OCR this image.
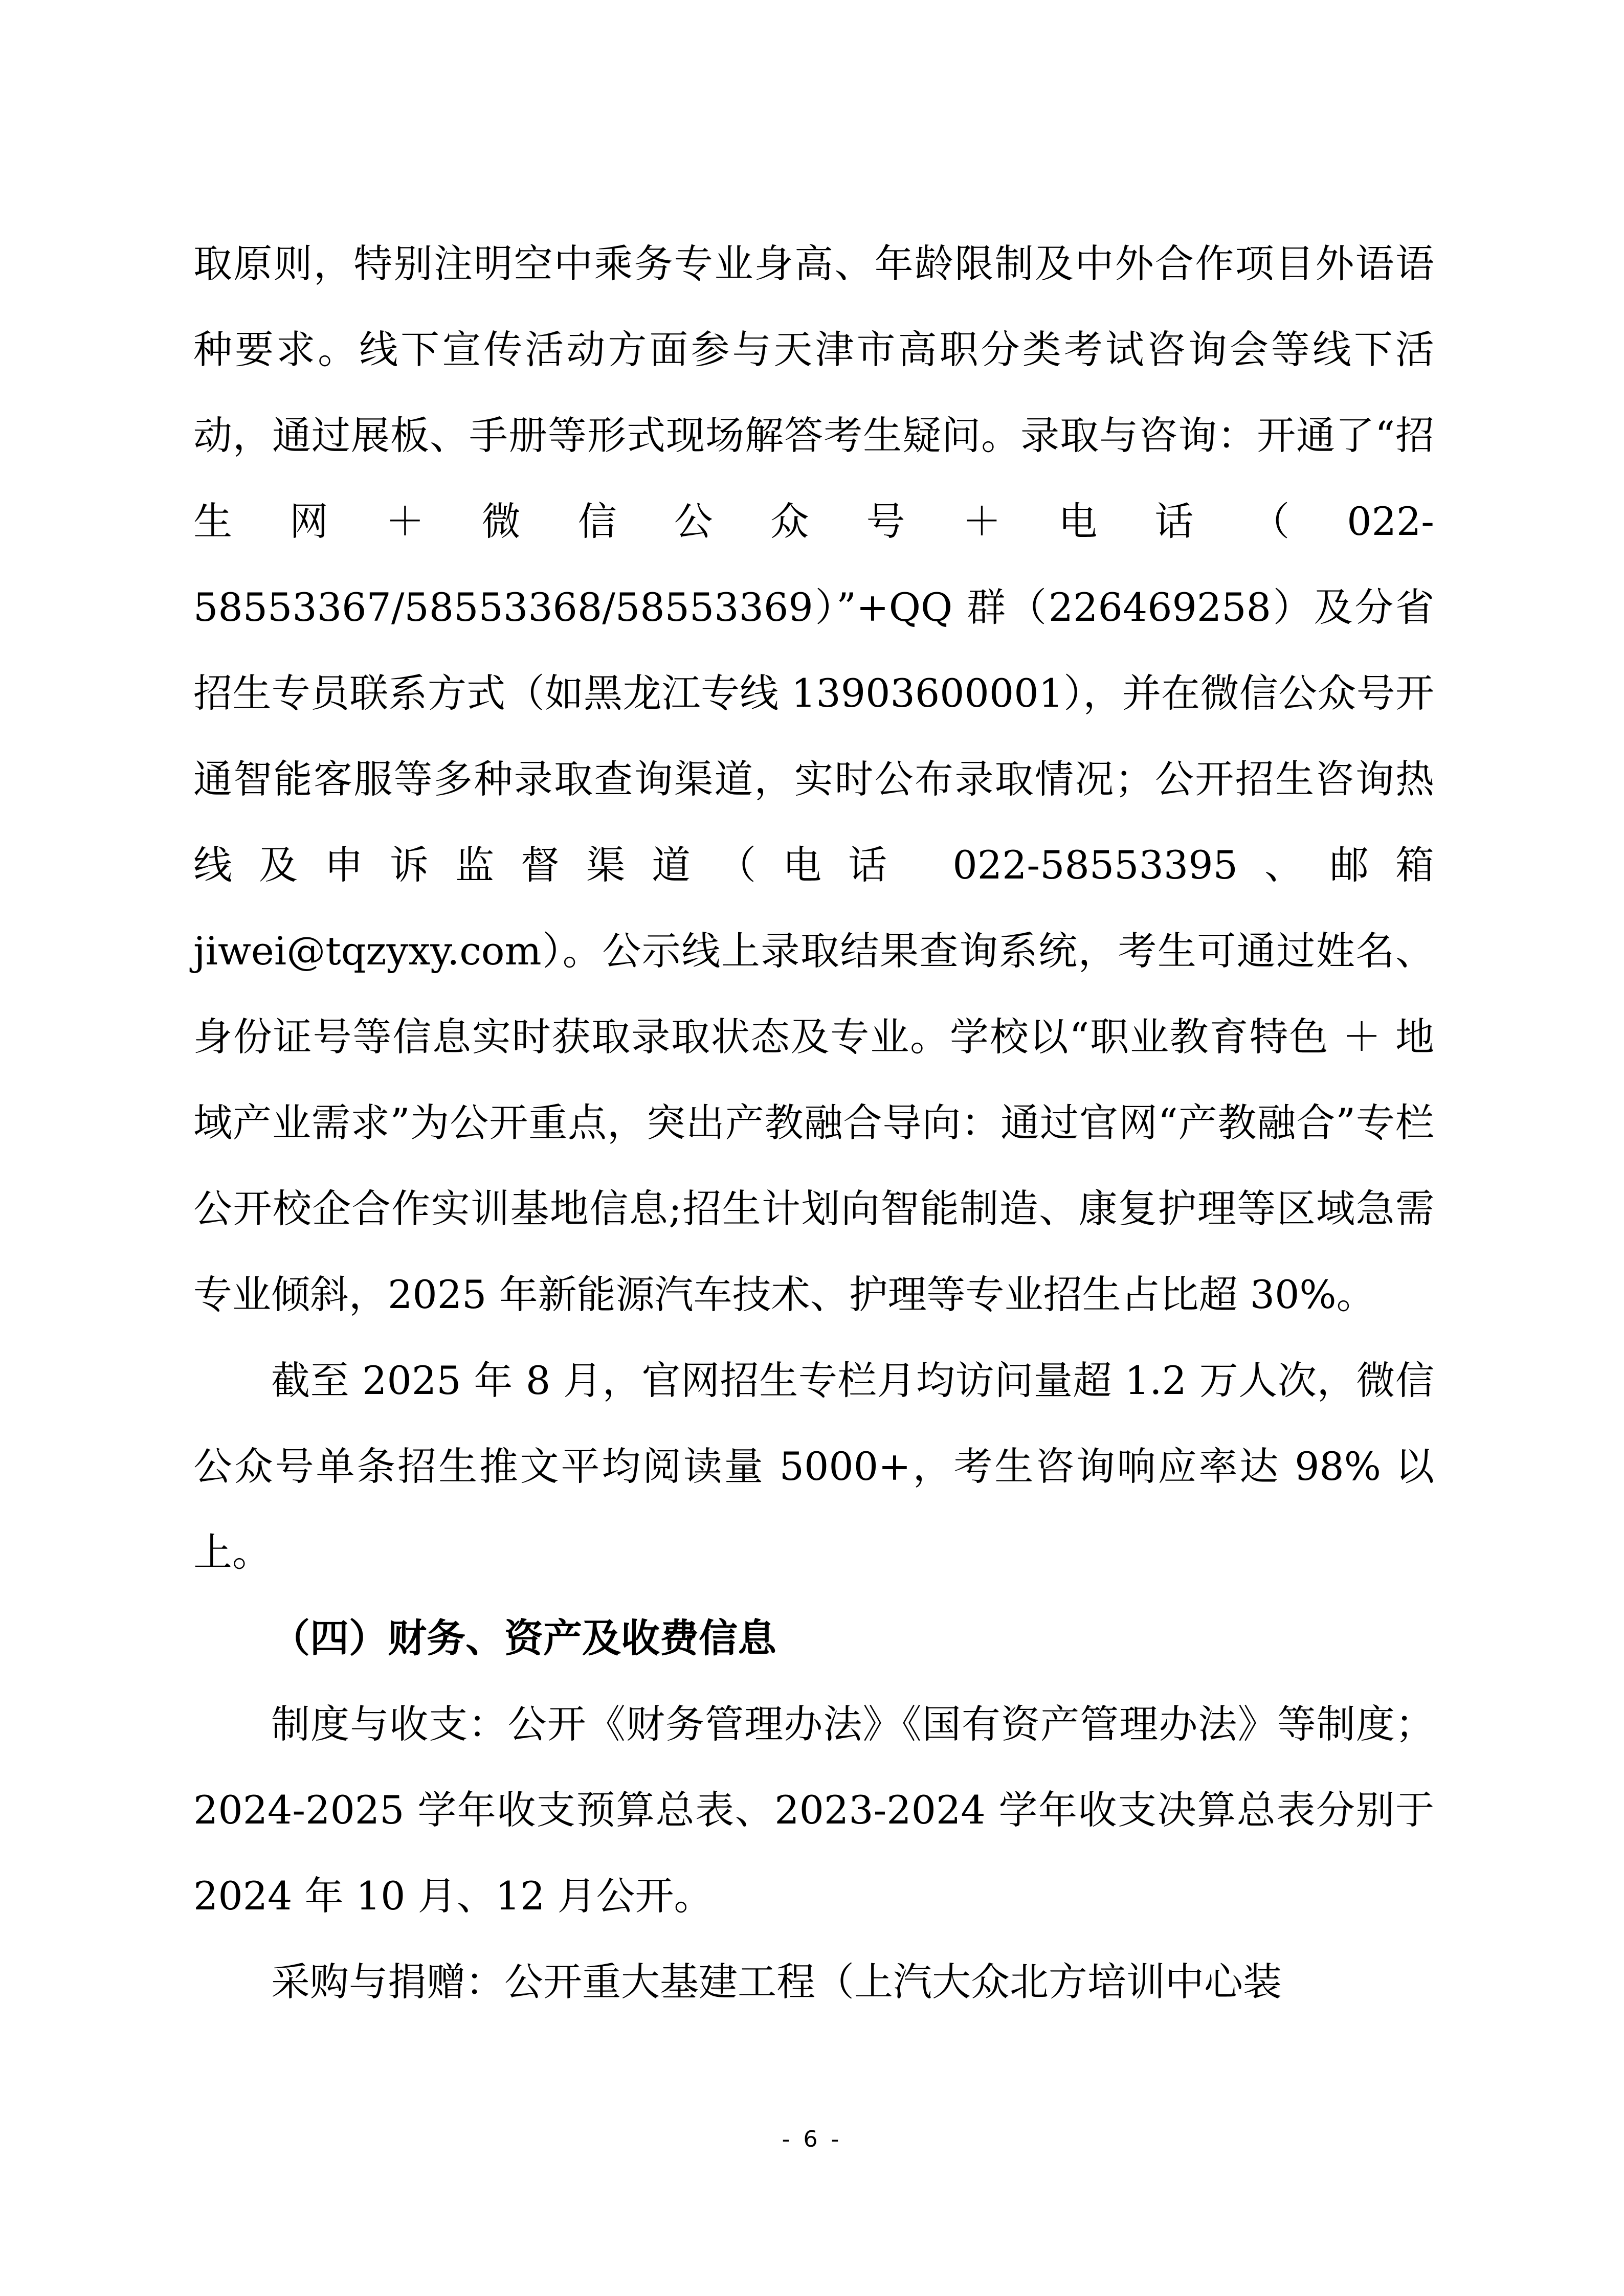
取原则，特别注明空中乘务专业身高、年龄限制及中外合作项目外语语种要求。线下宣传活动方面参与天津市高职分类考试咨询会等线下活动，通过展板、手册等形式现场解答考生疑问。录取与咨询：开通了“招生网＋微信公众号＋电话（022-58553367/58553368/58553369）”+QQ 群（226469258）及分省招生专员联系方式（如黑龙江专线 13903600001），并在微信公众号开通智能客服等多种录取查询渠道，实时公布录取情况；公开招生咨询热线及申诉监督渠道（电话 022-58553395、邮箱 jiwei@tqzyxy.com）。公示线上录取结果查询系统，考生可通过姓名、身份证号等信息实时获取录取状态及专业。学校以“职业教育特色 ＋ 地域产业需求”为公开重点，突出产教融合导向：通过官网“产教融合”专栏公开校企合作实训基地信息;招生计划向智能制造、康复护理等区域急需专业倾斜，2025 年新能源汽车技术、护理等专业招生占比超 30%。

截至 2025 年 8 月，官网招生专栏月均访问量超 1.2 万人次，微信公众号单条招生推文平均阅读量 5000+，考生咨询响应率达 98% 以上。

（四）财务、资产及收费信息

制度与收支：公开《财务管理办法》《国有资产管理办法》等制度；2024-2025 学年收支预算总表、2023-2024 学年收支决算总表分别于 2024 年 10 月、12 月公开。

采购与捐赠：公开重大基建工程（上汽大众北方培训中心装

- 6 -
